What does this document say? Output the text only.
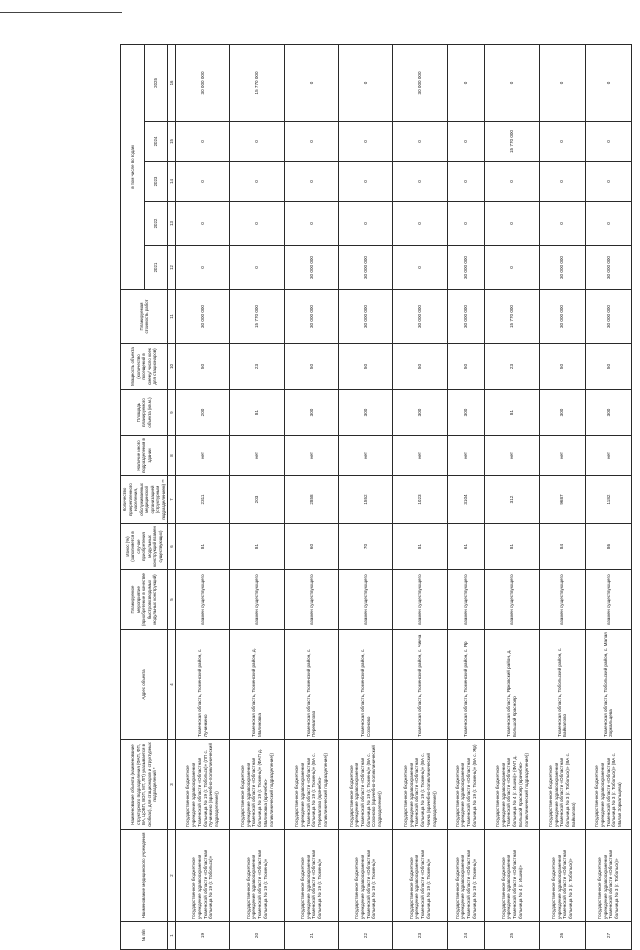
№ п/п	Наименование медицинского учреждения	Наименование объекта (наименование структурного подразделения (ФАП, ФП, ВА, ЦОВП, ВОП, МТ, ЛП) указывается в скобках), для стационаров и структурных подразделений *	Адрес объекта	Планируемое мероприятие (приобретение в качестве быстровозводимых модульных конструкций)	Износ (%) (заполняется в случае приобретения модульных конструкций взамен существующих)	Количество прикрепленного населения, обслуживаемых медицинской организацией (структурным подразделением) **	Наличие иного подразделения в здании	Площадь планируемого объекта (кв.м.)	Мощность объекта (количество посещений в смену/ число коек для стационаров)	Планируемая стоимость работ	в том числе по годам				
											2021	2022	2023	2024	2025
1	2	3	4	5	6	7	8	9	10	11	12	13	14	15	16
19	Государственное бюджетное учреждение здравоохранения Тюменской области «Областная больница № 19 (г. Тобольск)»	Государственное бюджетное учреждение здравоохранения Тюменской области «Областная больница № 19 (г. Тобольск)» (ЛП с. Лучинкино (врачебно-поликлинический подразделение))	Тюменская область, Тюменский район, с. Лучинкино	взамен существующего	81	2311	нет	200	50	30 000 000	0	0	0	0	30 000 000
20	Государственное бюджетное учреждение здравоохранения Тюменской области «Областная больница № 19 (г. Тюмень)»	Государственное бюджетное учреждение здравоохранения Тюменской области «Областная больница № 19 (г. Тюмень)» (ФАП д. Малиновка (врачебно-поликлинический подразделение))	Тюменская область, Тюменский район, д. Малиновка	взамен существующего	81	203	нет	81	23	15 770 000	0	0	0	0	15 770 000
21	Государственное бюджетное учреждение здравоохранения Тюменской области «Областная больница № 19 (г. Тюмень)»	Государственное бюджетное учреждение здравоохранения Тюменской области «Областная больница № 19 (г. Тюмень)» (ВА с. Перевалово (врачебно-поликлинический подразделение))	Тюменская область, Тюменский район, с. Перевалово	взамен существующего	60	2858	нет	300	50	30 000 000	30 000 000	0	0	0	0
22	Государственное бюджетное учреждение здравоохранения Тюменской области «Областная больница № 19 (г. Тюмень)»	Государственное бюджетное учреждение здравоохранения Тюменской области «Областная больница № 19 (г. Тюмень)» (ВА с. Созоново (врачебно-поликлинический подразделение))	Тюменская область, Тюменский район, с. Созоново	взамен существующего	70	1552	нет	300	50	30 000 000	30 000 000	0	0	0	0
23	Государственное бюджетное учреждение здравоохранения Тюменской области «Областная больница № 19 (г. Тюмень)»	Государственное бюджетное учреждение здравоохранения Тюменской области «Областная больница № 19 (г. Тюмень)» (ВА с. Чикча (врачебно-поликлинический подразделение))	Тюменская область, Тюменский район, с. Чикча	взамен существующего	81	1023	нет	300	50	30 000 000	0	0	0	0	30 000 000
24	Государственное бюджетное учреждение здравоохранения Тюменской области «Областная больница № 19 (г. Тюмень)»	Государственное бюджетное учреждение здравоохранения Тюменской области «Областная больница № 19 (г. Тюмень)» (ВА с. Яр)	Тюменская область, Тюменский район, с. Яр	взамен существующего	61	3104	нет	300	50	30 000 000	30 000 000	0	0	0	0
25	Государственное бюджетное учреждение здравоохранения Тюменской области «Областная больница № 4 (г. Ишим)»	Государственное бюджетное учреждение здравоохранения Тюменской области «Областная больница № 4 (г. Ишим)» (ФАП д. Большой Краснояр (врачебно-поликлинический подразделение))	Тюменская область, Ярковский район, д. Большой Краснояр	взамен существующего	81	312	нет	81	23	15 770 000	0	0	0	15 770 000	0
26	Государственное бюджетное учреждение здравоохранения Тюменской области «Областная больница № 3 (г. Тобольск)»	Государственное бюджетное учреждение здравоохранения Тюменской области «Областная больница № 3 (г. Тобольск)» (ВА с. Байкалово)	Тюменская область, Тобольский район, с. Байкалово	взамен существующего	84	9687	нет	300	50	30 000 000	30 000 000	0	0	0	0
27	Государственное бюджетное учреждение здравоохранения Тюменской области «Областная больница № 3 (г. Тобольск)»	Государственное бюджетное учреждение здравоохранения Тюменской области «Областная больница № 3 (г. Тобольск)» (ВА с. Малая Зоркальцева)	Тюменская область, Тобольский район, с. Малая Зоркальцева	взамен существующего	86	1182	нет	300	50	30 000 000	30 000 000	0	0	0	0
